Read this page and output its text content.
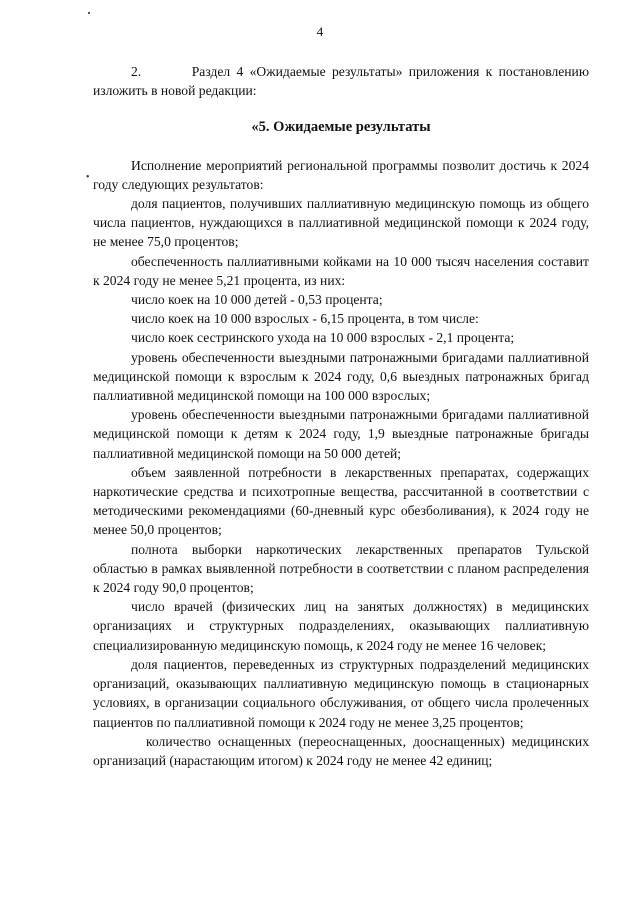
4
•

2.        Раздел 4 «Ожидаемые результаты» приложения к постановлению изложить в новой редакции:

«5. Ожидаемые результаты

Исполнение мероприятий региональной программы позволит достичь к 2024 году следующих результатов:

доля пациентов, получивших паллиативную медицинскую помощь из общего числа пациентов, нуждающихся в паллиативной медицинской помощи к 2024 году, не менее 75,0 процентов;

обеспеченность паллиативными койками на 10 000 тысяч населения составит к 2024 году не менее 5,21 процента, из них:

число коек на 10 000 детей - 0,53 процента;

число коек на 10 000 взрослых - 6,15 процента, в том числе:

число коек сестринского ухода на 10 000 взрослых - 2,1 процента;

уровень обеспеченности выездными патронажными бригадами паллиативной медицинской помощи к взрослым к 2024 году, 0,6 выездных патронажных бригад паллиативной медицинской помощи на 100 000 взрослых;

уровень обеспеченности выездными патронажными бригадами паллиативной медицинской помощи к детям к 2024 году, 1,9 выездные патронажные бригады паллиативной медицинской помощи на 50 000 детей;

объем заявленной потребности в лекарственных препаратах, содержащих наркотические средства и психотропные вещества, рассчитанной в соответствии с методическими рекомендациями (60-дневный курс обезболивания), к 2024 году не менее 50,0 процентов;

полнота выборки наркотических лекарственных препаратов Тульской областью в рамках выявленной потребности в соответствии с планом распределения к 2024 году 90,0 процентов;

число врачей (физических лиц на занятых должностях) в медицинских организациях и структурных подразделениях, оказывающих паллиативную специализированную медицинскую помощь, к 2024 году не менее 16 человек;

доля пациентов, переведенных из структурных подразделений медицинских организаций, оказывающих паллиативную медицинскую помощь в стационарных условиях, в организации социального обслуживания, от общего числа пролеченных пациентов по паллиативной помощи к 2024 году не менее 3,25 процентов;

количество оснащенных (переоснащенных, дооснащенных) медицинских организаций (нарастающим итогом) к 2024 году не менее 42 единиц;
